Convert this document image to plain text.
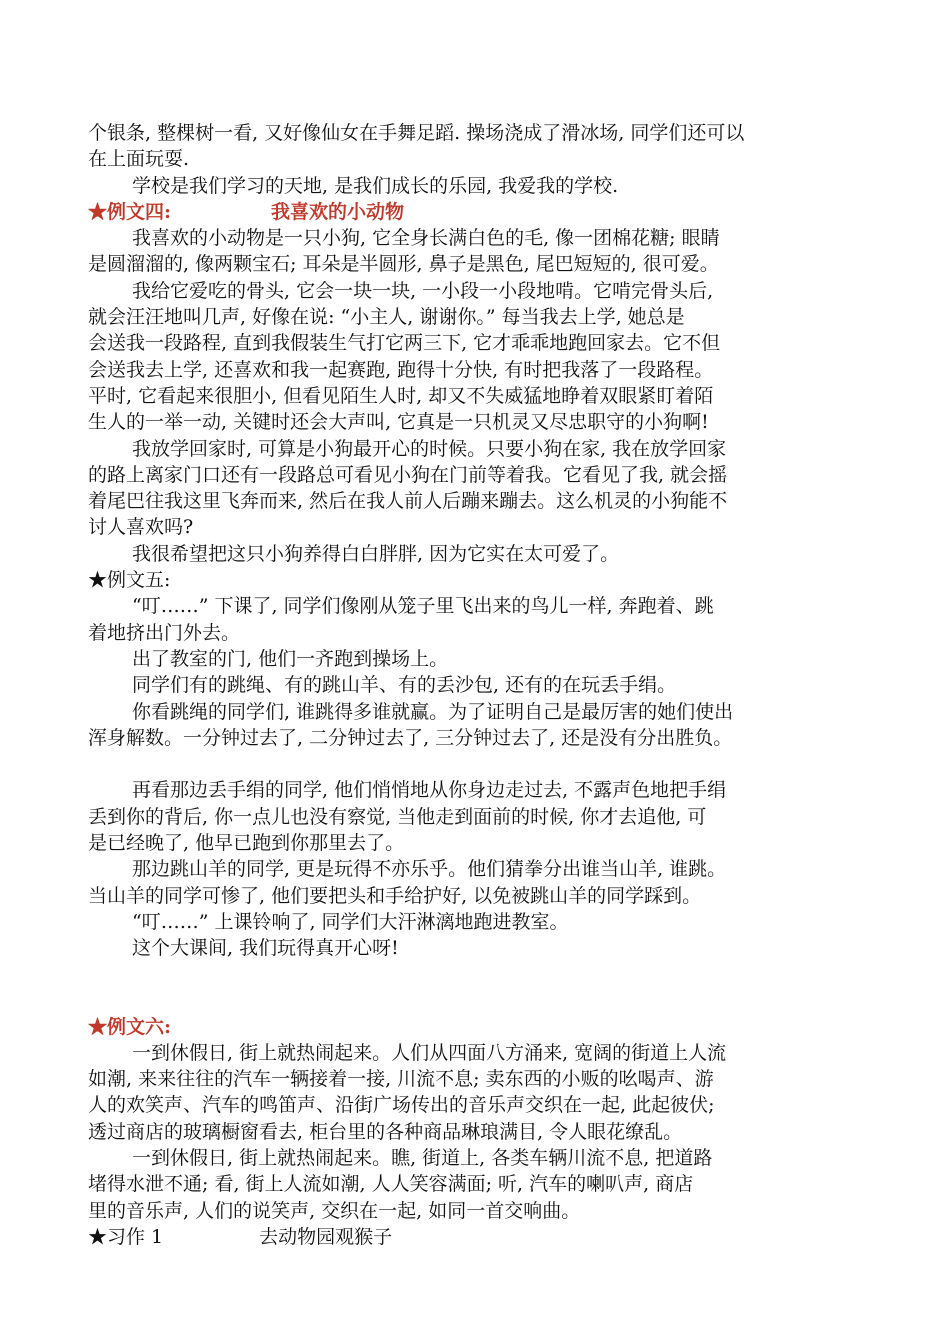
个银条, 整棵树一看, 又好像仙女在手舞足蹈. 操场浇成了滑冰场, 同学们还可以
在上面玩耍.
学校是我们学习的天地, 是我们成长的乐园, 我爱我的学校.
★例文四:	我喜欢的小动物
我喜欢的小动物是一只小狗, 它全身长满白色的毛, 像一团棉花糖; 眼睛
是圆溜溜的, 像两颗宝石; 耳朵是半圆形, 鼻子是黑色, 尾巴短短的, 很可爱。
我给它爱吃的骨头, 它会一块一块, 一小段一小段地啃。它啃完骨头后,
就会汪汪地叫几声, 好像在说: “小主人, 谢谢你。” 每当我去上学, 她总是
会送我一段路程, 直到我假装生气打它两三下, 它才乖乖地跑回家去。它不但
会送我去上学, 还喜欢和我一起赛跑, 跑得十分快, 有时把我落了一段路程。
平时, 它看起来很胆小, 但看见陌生人时, 却又不失威猛地睁着双眼紧盯着陌
生人的一举一动, 关键时还会大声叫, 它真是一只机灵又尽忠职守的小狗啊!
我放学回家时, 可算是小狗最开心的时候。只要小狗在家, 我在放学回家
的路上离家门口还有一段路总可看见小狗在门前等着我。它看见了我, 就会摇
着尾巴往我这里飞奔而来, 然后在我人前人后蹦来蹦去。这么机灵的小狗能不
讨人喜欢吗?
我很希望把这只小狗养得白白胖胖, 因为它实在太可爱了。
★例文五:
“叮……” 下课了, 同学们像刚从笼子里飞出来的鸟儿一样, 奔跑着、跳
着地挤出门外去。
出了教室的门, 他们一齐跑到操场上。
同学们有的跳绳、有的跳山羊、有的丢沙包, 还有的在玩丢手绢。
你看跳绳的同学们, 谁跳得多谁就赢。为了证明自己是最厉害的她们使出
浑身解数。一分钟过去了, 二分钟过去了, 三分钟过去了, 还是没有分出胜负。
再看那边丢手绢的同学, 他们悄悄地从你身边走过去, 不露声色地把手绢
丢到你的背后, 你一点儿也没有察觉, 当他走到面前的时候, 你才去追他, 可
是已经晚了, 他早已跑到你那里去了。
那边跳山羊的同学, 更是玩得不亦乐乎。他们猜拳分出谁当山羊, 谁跳。
当山羊的同学可惨了, 他们要把头和手给护好, 以免被跳山羊的同学踩到。
“叮……” 上课铃响了, 同学们大汗淋漓地跑进教室。
这个大课间, 我们玩得真开心呀!
★例文六:
一到休假日, 街上就热闹起来。人们从四面八方涌来, 宽阔的街道上人流
如潮, 来来往往的汽车一辆接着一接, 川流不息; 卖东西的小贩的吆喝声、游
人的欢笑声、汽车的鸣笛声、沿街广场传出的音乐声交织在一起, 此起彼伏;
透过商店的玻璃橱窗看去, 柜台里的各种商品琳琅满目, 令人眼花缭乱。
一到休假日, 街上就热闹起来。瞧, 街道上, 各类车辆川流不息, 把道路
堵得水泄不通; 看, 街上人流如潮, 人人笑容满面; 听, 汽车的喇叭声, 商店
里的音乐声, 人们的说笑声, 交织在一起, 如同一首交响曲。
★习作 1	去动物园观猴子
